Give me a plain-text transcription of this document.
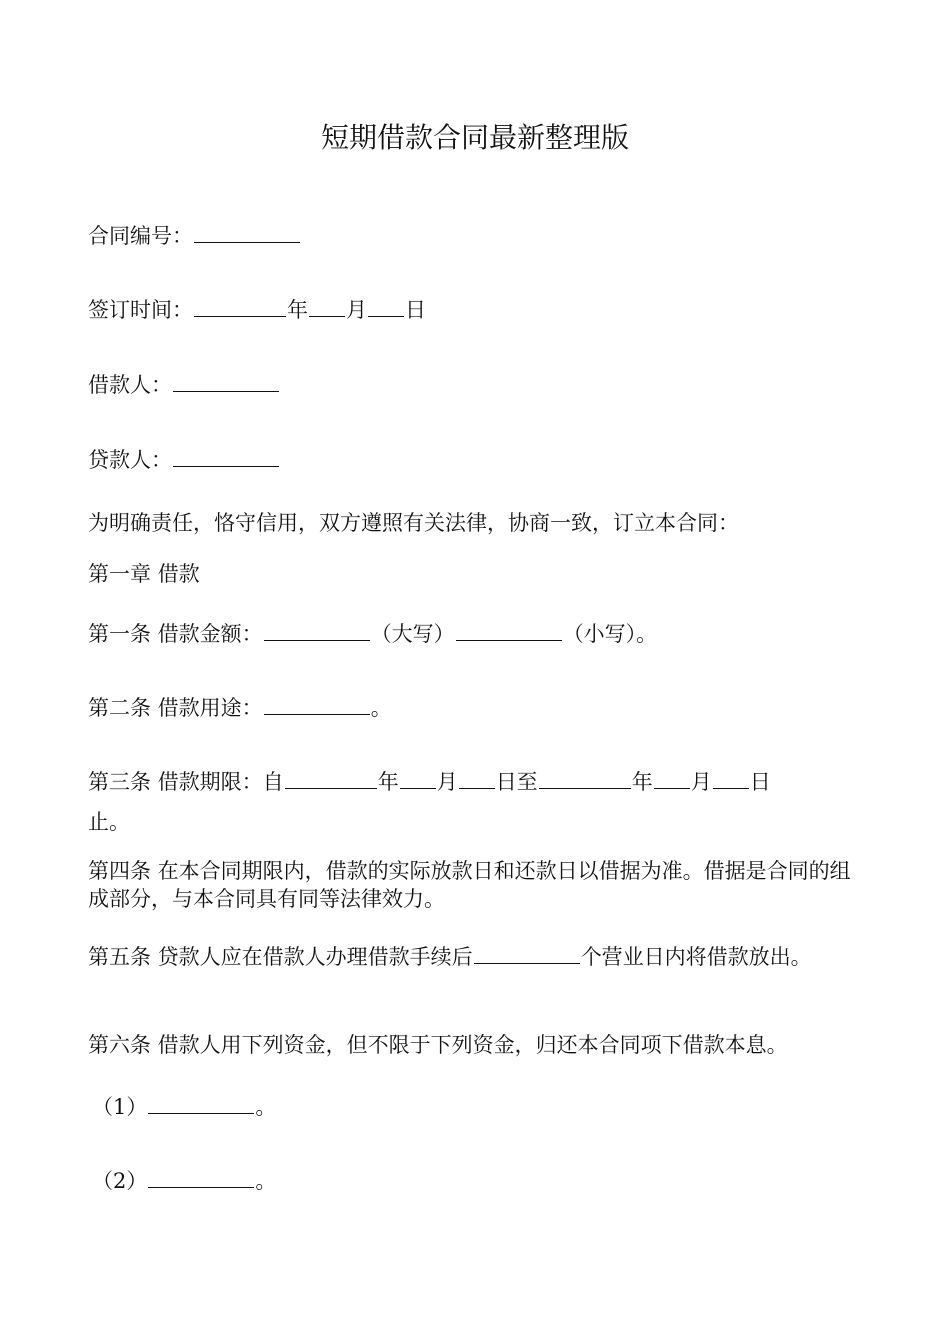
短期借款合同最新整理版
合同编号：
签订时间：	年 月 日
借款人：
贷款人：
为明确责任，恪守信用，双方遵照有关法律，协商一致，订立本合同：
第一章 借款
第一条 借款金额：	（大写）	（小写）。
第二条 借款用途：	。
第三条 借款期限：自	年 月 日至	年 月 日
止。
第四条 在本合同期限内，借款的实际放款日和还款日以借据为准。借据是合同的组成部分，与本合同具有同等法律效力。
第五条 贷款人应在借款人办理借款手续后	个营业日内将借款放出。
第六条 借款人用下列资金，但不限于下列资金，归还本合同项下借款本息。
（1）	。
（2）	。
